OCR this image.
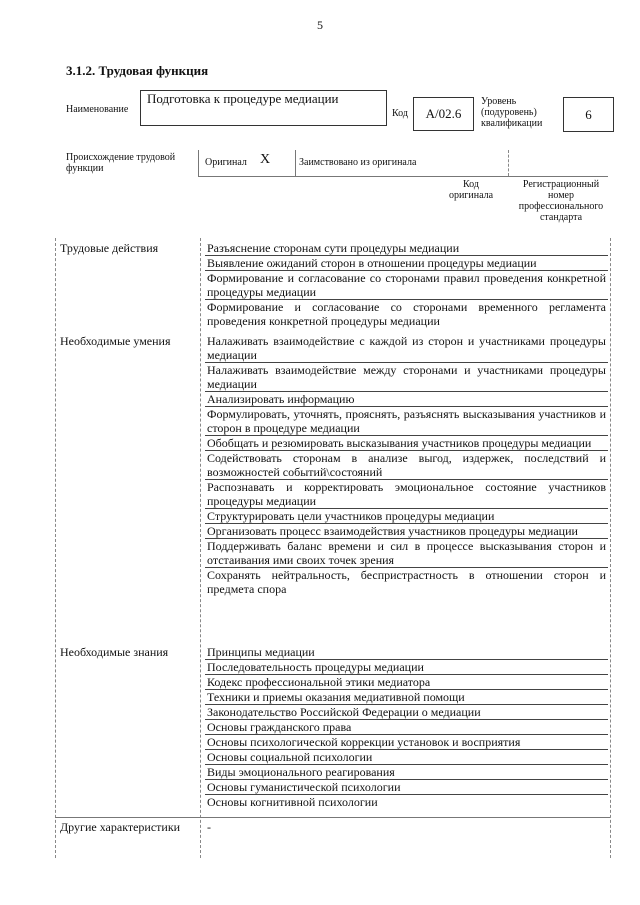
5
3.1.2. Трудовая функция
Наименование
Подготовка к процедуре медиации
Код	А/02.6
Уровень (подуровень) квалификации
6
Происхождение трудовой функции
Оригинал X	Заимствовано из оригинала
Код оригинала
Регистрационный номер профессионального стандарта
Трудовые действия	Разъяснение сторонам сути процедуры медиации
Выявление ожиданий сторон в отношении процедуры медиации
Формирование и согласование со сторонами правил проведения конкретной процедуры медиации
Формирование и согласование со сторонами временного регламента проведения конкретной процедуры медиации
Необходимые умения	Налаживать взаимодействие с каждой из сторон и участниками процедуры медиации
Налаживать взаимодействие между сторонами и участниками процедуры медиации
Анализировать информацию
Формулировать, уточнять, прояснять, разъяснять высказывания участников и сторон в процедуре медиации
Обобщать и резюмировать высказывания участников процедуры медиации
Содействовать сторонам в анализе выгод, издержек, последствий и возможностей событий\состояний
Распознавать и корректировать эмоциональное состояние участников процедуры медиации
Структурировать цели участников процедуры медиации
Организовать процесс взаимодействия участников процедуры медиации
Поддерживать баланс времени и сил в процессе высказывания сторон и отстаивания ими своих точек зрения
Сохранять нейтральность, беспристрастность в отношении сторон и предмета спора
Необходимые знания	Принципы медиации
Последовательность процедуры медиации
Кодекс профессиональной этики медиатора
Техники и приемы оказания медиативной помощи
Законодательство Российской Федерации о медиации
Основы гражданского права
Основы психологической коррекции установок и восприятия
Основы социальной психологии
Виды эмоционального реагирования
Основы гуманистической психологии
Основы когнитивной психологии
Другие характеристики -
